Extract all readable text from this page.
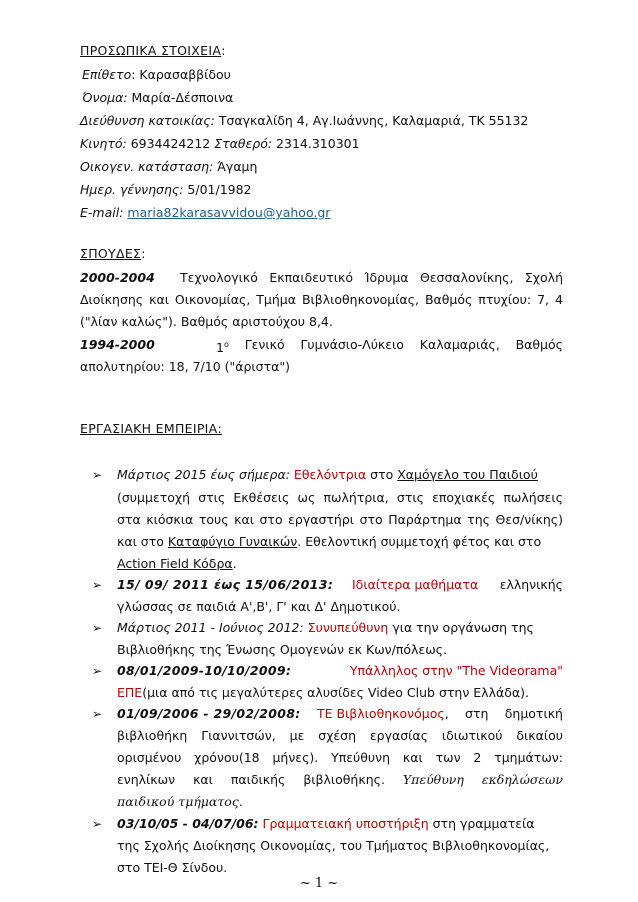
ΠΡΟΣΩΠΙΚΑ ΣΤΟΙΧΕΙΑ:
Επίθετο: Καρασαββίδου
Όνομα: Μαρία-Δέσποινα
Διεύθυνση κατοικίας: Τσαγκαλίδη 4, Αγ.Ιωάννης, Καλαμαριά, ΤΚ 55132
Κινητό: 6934424212 Σταθερό: 2314.310301
Οικογεν. κατάσταση: Άγαμη
Ημερ. γέννησης: 5/01/1982
E-mail: maria82karasavvidou@yahoo.gr
ΣΠΟΥΔΕΣ:
2000-2004	Τεχνολογικό Εκπαιδευτικό Ίδρυμα Θεσσαλονίκης, Σχολή
Διοίκησης και Οικονομίας, Τμήμα Βιβλιοθηκονομίας, Βαθμός πτυχίου: 7, 4
("λίαν καλώς"). Βαθμός αριστούχου 8,4.
1994-2000	$1^o$ Γενικό Γυμνάσιο-Λύκειο Καλαμαριάς, Βαθμός
απολυτηρίου: 18, 7/10 ("άριστα")
ΕΡΓΑΣΙΑΚΗ ΕΜΠΕΙΡΙΑ:
➢ Μάρτιος 2015 έως σήμερα: Εθελόντρια στο Χαμόγελο του Παιδιού
(συμμετοχή στις Εκθέσεις ως πωλήτρια, στις εποχιακές πωλήσεις
στα κιόσκια τους και στο εργαστήρι στο Παράρτημα της Θεσ/νίκης)
και στο Καταφύγιο Γυναικών. Εθελοντική συμμετοχή φέτος και στο
Action Field Κόδρα.
➢ 15/ 09/ 2011 έως 15/06/2013:	Ιδιαίτερα μαθήματα ελληνικής
γλώσσας σε παιδιά Α',Β', Γ' και Δ' Δημοτικού.
➢ Μάρτιος 2011 - Ιούνιος 2012: Συνυπεύθυνη για την οργάνωση της
Βιβλιοθήκης της Ένωσης Ομογενών εκ Κων/πόλεως.
➢ 08/01/2009-10/10/2009:	Υπάλληλος στην "The Videorama"
ΕΠΕ(μια από τις μεγαλύτερες αλυσίδες Video Club στην Ελλάδα).
➢ 01/09/2006 - 29/02/2008:	ΤΕ Βιβλιοθηκονόμος, στη δημοτική
βιβλιοθήκη Γιαννιτσών, με σχέση εργασίας ιδιωτικού δικαίου
ορισμένου χρόνου(18 μήνες). Υπεύθυνη και των 2 τμημάτων:
ενηλίκων και παιδικής βιβλιοθήκης. Υπεύθυνη εκδηλώσεων
παιδικού τμήματος.
➢ 03/10/05 - 04/07/06: Γραμματειακή υποστήριξη στη γραμματεία
της Σχολής Διοίκησης Οικονομίας, του Τμήματος Βιβλιοθηκονομίας,
στο ΤΕΙ-Θ Σίνδου.
~ 1 ~
